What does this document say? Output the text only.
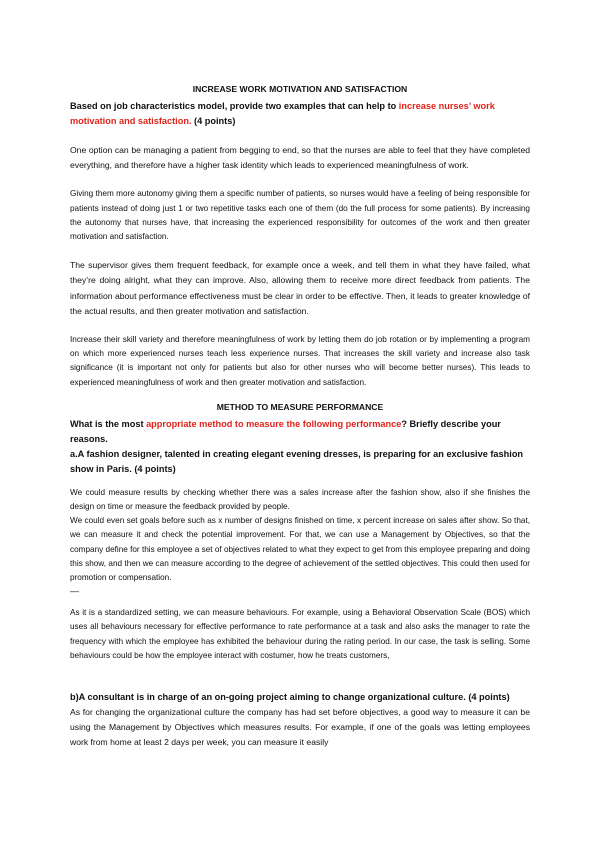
INCREASE WORK MOTIVATION AND SATISFACTION

Based on job characteristics model, provide two examples that can help to increase nurses’ work motivation and satisfaction. (4 points)

One option can be managing a patient from begging to end, so that the nurses are able to feel that they have completed everything, and therefore have a higher task identity which leads to experienced meaningfulness of work.

Giving them more autonomy giving them a specific number of patients, so nurses would have a feeling of being responsible for patients instead of doing just 1 or two repetitive tasks each one of them (do the full process for some patients). By increasing the autonomy that nurses have, that increasing the experienced responsibility for outcomes of the work and then greater motivation and satisfaction.

The supervisor gives them frequent feedback, for example once a week, and tell them in what they have failed, what they’re doing alright, what they can improve. Also, allowing them to receive more direct feedback from patients. The information about performance effectiveness must be clear in order to be effective. Then, it leads to greater knowledge of the actual results, and then greater motivation and satisfaction.

Increase their skill variety and therefore meaningfulness of work by letting them do job rotation or by implementing a program on which more experienced nurses teach less experience nurses. That increases the skill variety and increase also task significance (it is important not only for patients but also for other nurses who will become better nurses). This leads to experienced meaningfulness of work and then greater motivation and satisfaction.

METHOD TO MEASURE PERFORMANCE

What is the most appropriate method to measure the following performance? Briefly describe your reasons.

a.A fashion designer, talented in creating elegant evening dresses, is preparing for an exclusive fashion show in Paris. (4 points)

We could measure results by checking whether there was a sales increase after the fashion show, also if she finishes the design on time or measure the feedback provided by people.

We could even set goals before such as x number of designs finished on time, x percent increase on sales after show. So that, we can measure it and check the potential improvement. For that, we can use a Management by Objectives, so that the company define for this employee a set of objectives related to what they expect to get from this employee preparing and doing this show, and then we can measure according to the degree of achievement of the settled objectives. This could then used for promotion or compensation.

—

As it is a standardized setting, we can measure behaviours. For example, using a Behavioral Observation Scale (BOS) which uses all behaviours necessary for effective performance to rate performance at a task and also asks the manager to rate the frequency with which the employee has exhibited the behaviour during the rating period. In our case, the task is selling. Some behaviours could be how the employee interact with costumer, how he treats customers,

b)A consultant is in charge of an on-going project aiming to change organizational culture. (4 points)

As for changing the organizational culture the company has had set before objectives, a good way to measure it can be using the Management by Objectives which measures results. For example, if one of the goals was letting employees work from home at least 2 days per week, you can measure it easily
